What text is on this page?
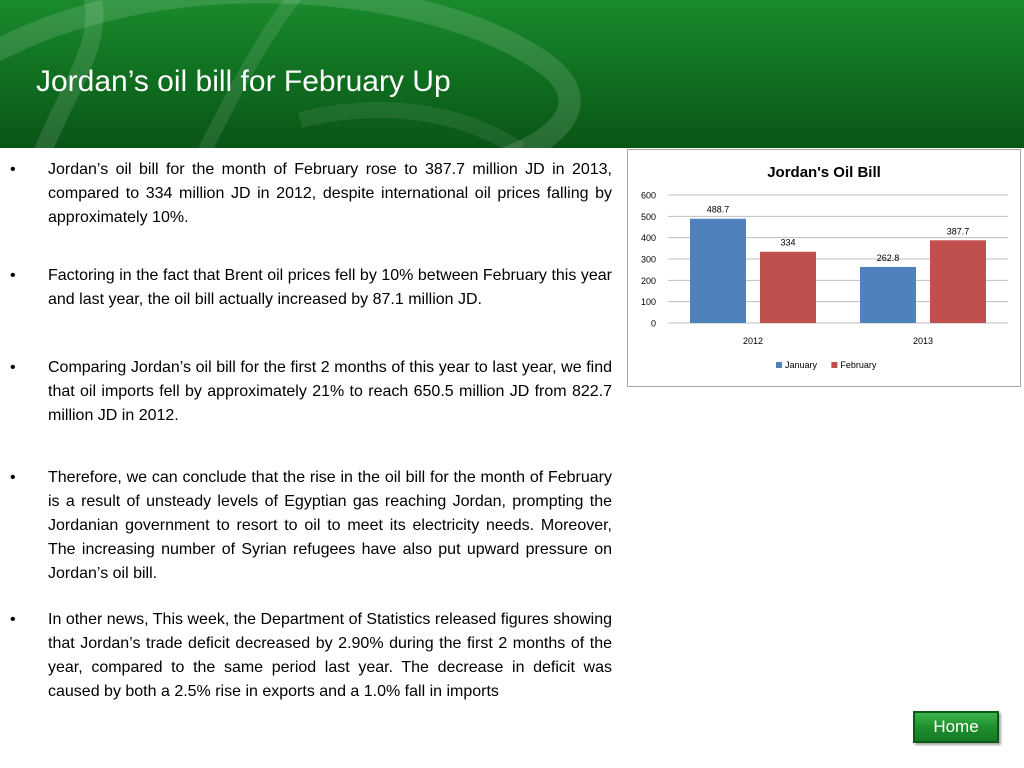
Jordan’s oil bill for February Up
• Jordan’s oil bill for the month of February rose to 387.7 million JD in 2013, compared to 334 million JD in 2012, despite international oil prices falling by approximately 10%.
• Factoring in the fact that Brent oil prices fell by 10% between February this year and last year, the oil bill actually increased by 87.1 million JD.
• Comparing Jordan’s oil bill for the first 2 months of this year to last year, we find that oil imports fell by approximately 21% to reach 650.5 million JD from 822.7 million JD in 2012.
• Therefore, we can conclude that the rise in the oil bill for the month of February is a result of unsteady levels of Egyptian gas reaching Jordan, prompting the Jordanian government to resort to oil to meet its electricity needs. Moreover, The increasing number of Syrian refugees have also put upward pressure on Jordan’s oil bill.
• In other news, This week, the Department of Statistics released figures showing that Jordan’s trade deficit decreased by 2.90% during the first 2 months of the year, compared to the same period last year. The decrease in deficit was caused by both a 2.5% rise in exports and a 1.0% fall in imports
Jordan's Oil Bill
0
100
200
300
400
500
600
488.7
334
2012
262.8
387.7
2013
January	February
Home
